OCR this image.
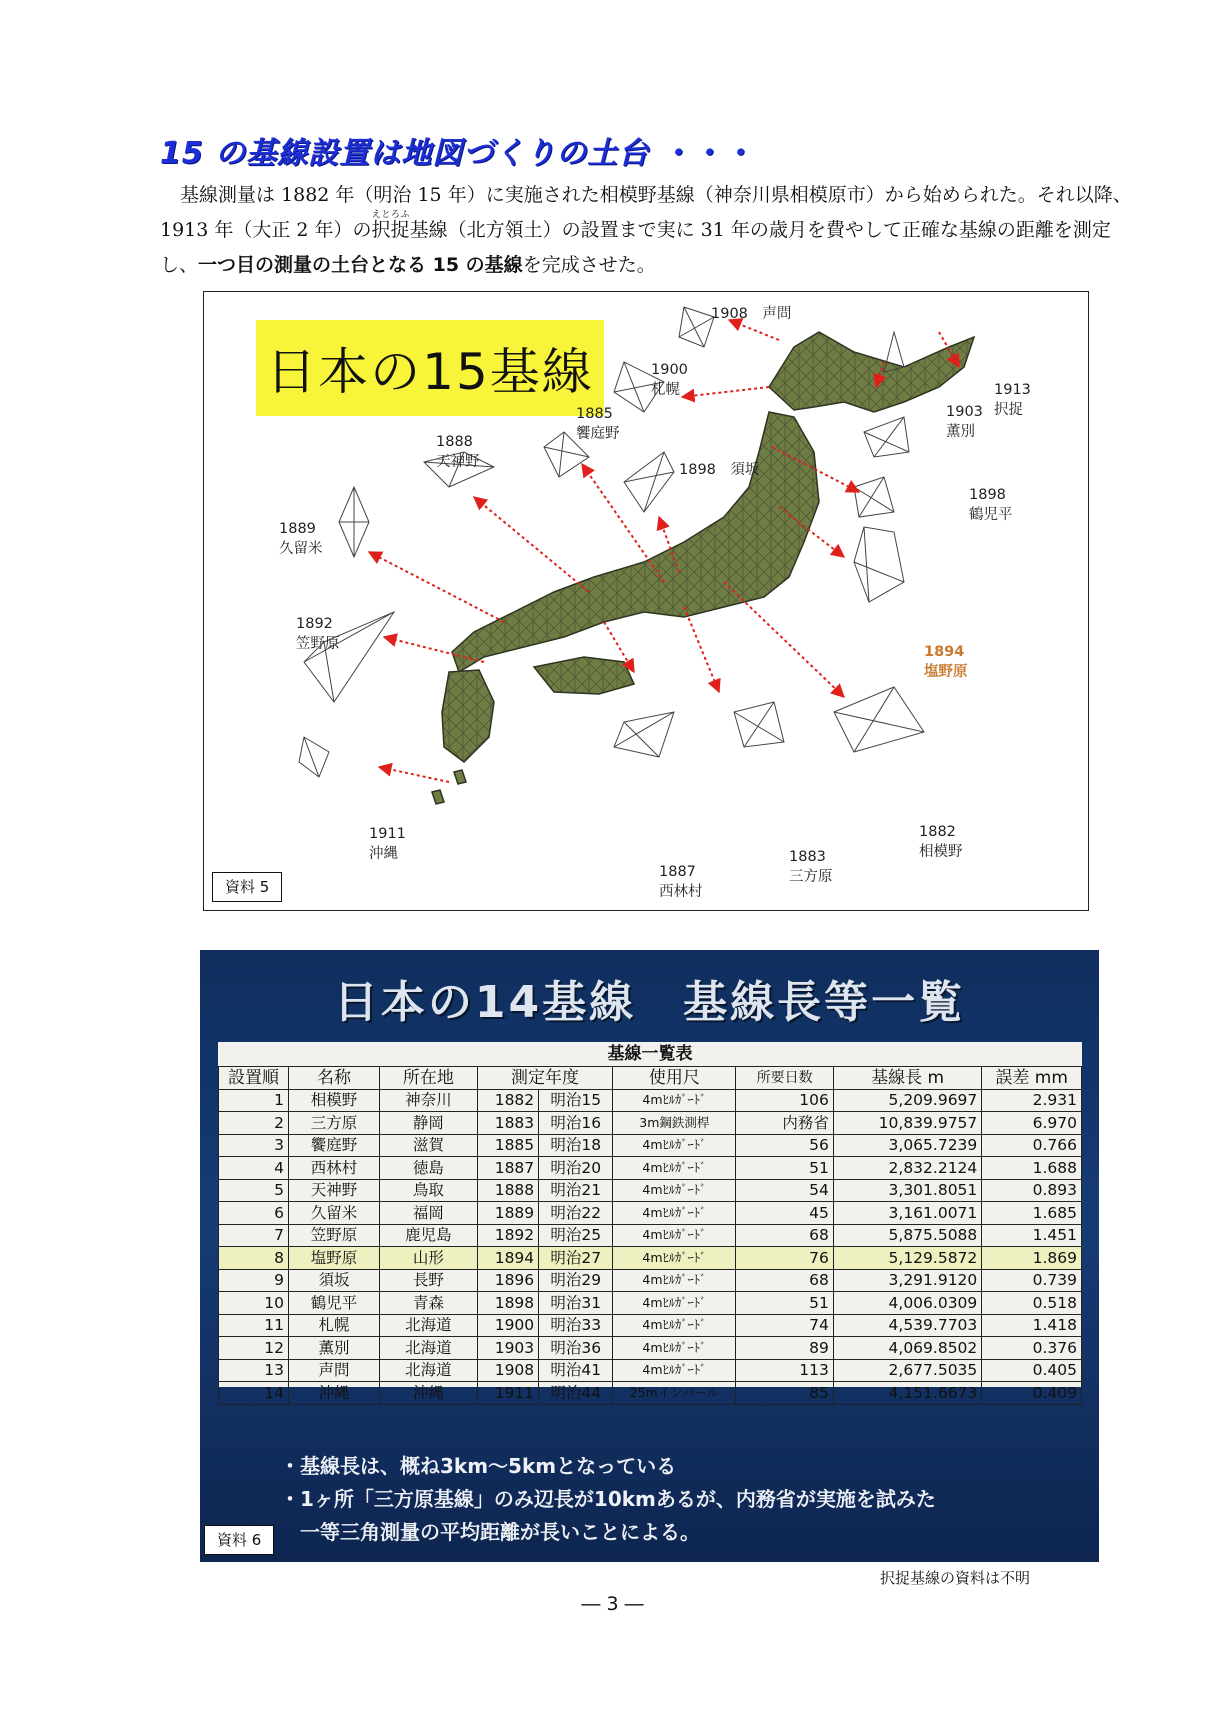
15 の基線設置は地図づくりの土台 ・・・

基線測量は 1882 年（明治 15 年）に実施された相模野基線（神奈川県相模原市）から始められた。それ以降、1913 年（大正 2 年）の択捉えとろふ基線（北方領土）の設置まで実に 31 年の歳月を費やして正確な基線の距離を測定し、一つ目の測量の土台となる 15 の基線を完成させた。

日本の15基線
1908　 声問
1900
札幌	1913
択捉
1903
薫別
1885
饗庭野
1888
天神野	1898　 須坂
1898
鶴児平
1889
久留米
1892
笠野原	1894
塩野原
1911
沖縄
1887
西林村
1883
三方原
1882
相模野
資料 5
日本の14基線　基線長等一覧
基線一覧表
設置順	名称	所在地	測定年度		使用尺	所要日数	基線長 m	誤差 mm
1	相模野	神奈川	1882	明治15	4mﾋﾙｶﾞｰﾄﾞ	106	5,209.9697	2.931
2	三方原	静岡	1883	明治16	3m鋼鉄測桿	内務省	10,839.9757	6.970
3	饗庭野	滋賀	1885	明治18	4mﾋﾙｶﾞｰﾄﾞ	56	3,065.7239	0.766
4	西林村	徳島	1887	明治20	4mﾋﾙｶﾞｰﾄﾞ	51	2,832.2124	1.688
5	天神野	鳥取	1888	明治21	4mﾋﾙｶﾞｰﾄﾞ	54	3,301.8051	0.893
6	久留米	福岡	1889	明治22	4mﾋﾙｶﾞｰﾄﾞ	45	3,161.0071	1.685
7	笠野原	鹿児島	1892	明治25	4mﾋﾙｶﾞｰﾄﾞ	68	5,875.5088	1.451
8	塩野原	山形	1894	明治27	4mﾋﾙｶﾞｰﾄﾞ	76	5,129.5872	1.869
9	須坂	長野	1896	明治29	4mﾋﾙｶﾞｰﾄﾞ	68	3,291.9120	0.739
10	鶴児平	青森	1898	明治31	4mﾋﾙｶﾞｰﾄﾞ	51	4,006.0309	0.518
11	札幌	北海道	1900	明治33	4mﾋﾙｶﾞｰﾄﾞ	74	4,539.7703	1.418
12	薫別	北海道	1903	明治36	4mﾋﾙｶﾞｰﾄﾞ	89	4,069.8502	0.376
13	声問	北海道	1908	明治41	4mﾋﾙｶﾞｰﾄﾞ	113	2,677.5035	0.405
14	沖縄	沖縄	1911	明治44	25mインバール	85	4,151.6673	0.409
・基線長は、概ね3km～5kmとなっている
・1ヶ所「三方原基線」のみ辺長が10kmあるが、内務省が実施を試みた
　一等三角測量の平均距離が長いことによる。
資料 6
択捉基線の資料は不明
― 3 ―
